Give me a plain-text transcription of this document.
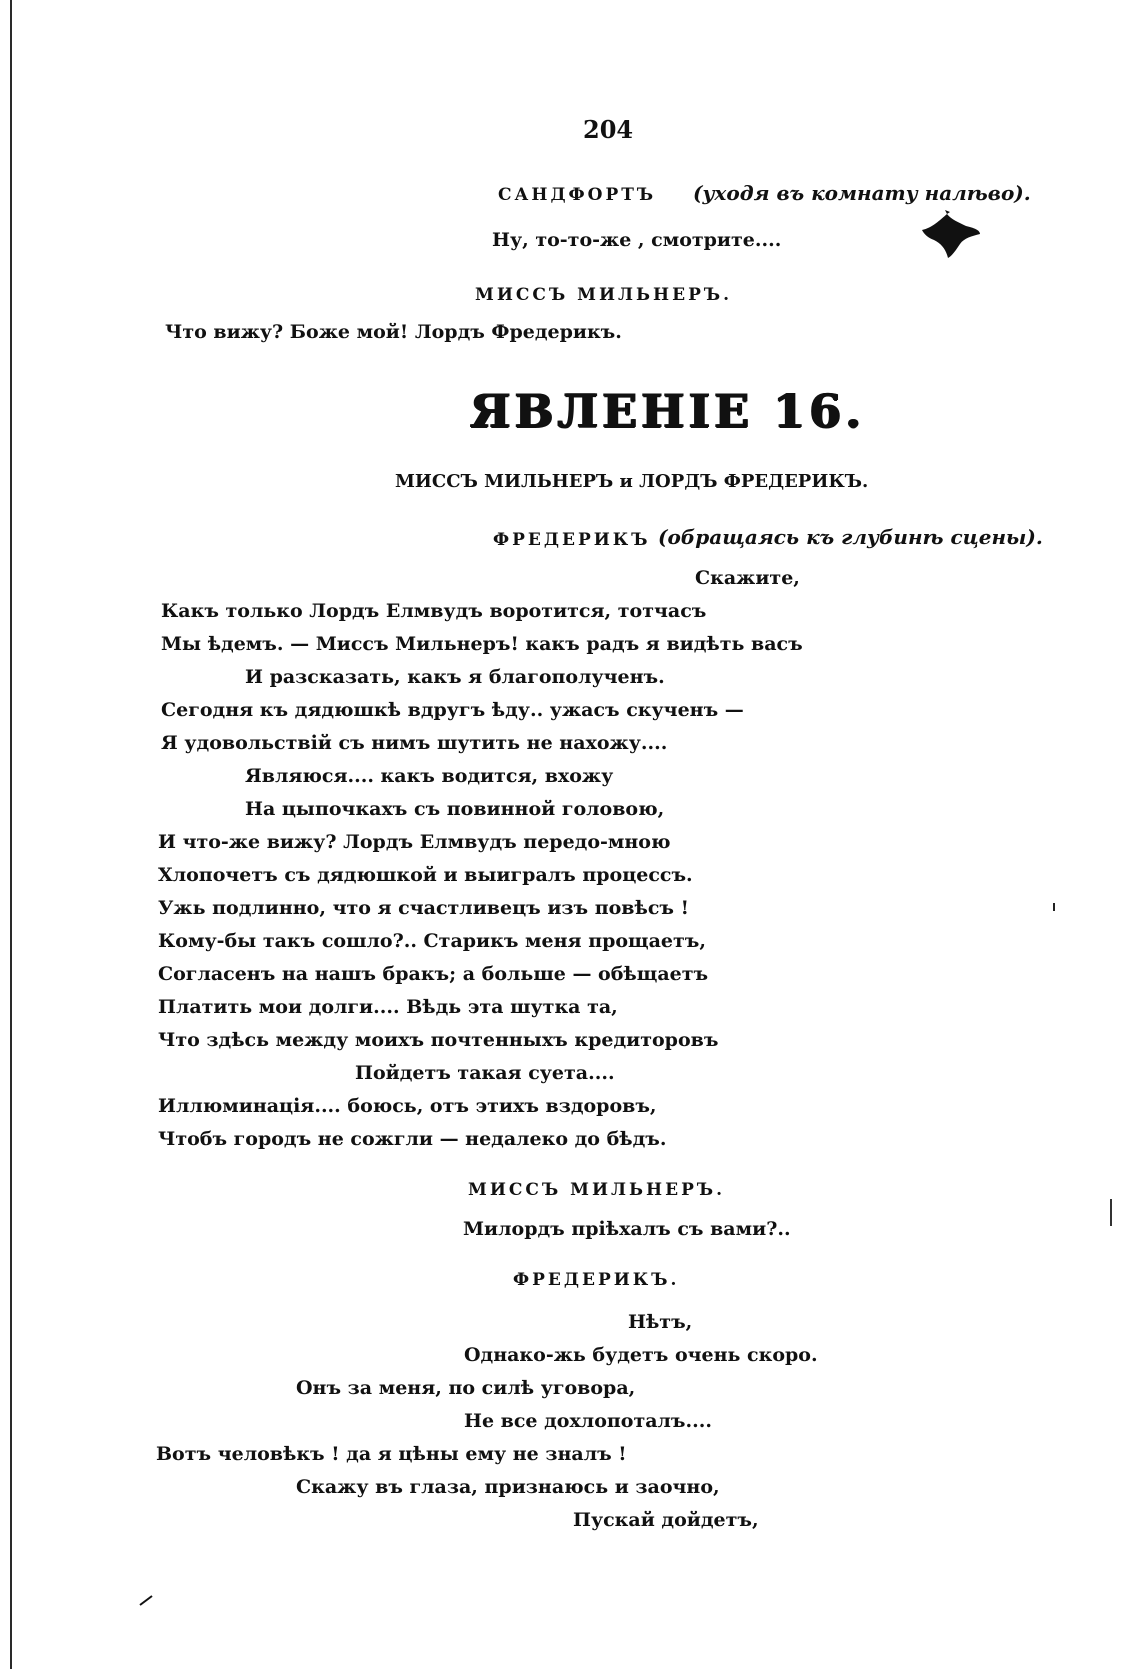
204
САНДФОРТЪ (уходя въ комнату налѣво).
Ну, то-то-же , смотрите....
МИССЪ МИЛЬНЕРЪ.
Что вижу? Боже мой! Лордъ Фредерикъ.
ЯВЛЕНІЕ 16.
МИССЪ МИЛЬНЕРЪ и ЛОРДЪ ФРЕДЕРИКЪ.
ФРЕДЕРИКЪ (обращаясь къ глубинѣ сцены).
Скажите,
Какъ только Лордъ Елмвудъ воротится, тотчасъ
Мы ѣдемъ. — Миссъ Мильнеръ! какъ радъ я видѣть васъ
И разсказать, какъ я благополученъ.
Сегодня къ дядюшкѣ вдругъ ѣду.. ужасъ скученъ —
Я удовольствій съ нимъ шутить не нахожу....
Являюся.... какъ водится, вхожу
На цыпочкахъ съ повинной головою,
И что-же вижу? Лордъ Елмвудъ передо-мною
Хлопочетъ съ дядюшкой и выигралъ процессъ.
Ужь подлинно, что я счастливецъ изъ повѣсъ !
Кому-бы такъ сошло?.. Старикъ меня прощаетъ,
Согласенъ на нашъ бракъ; а больше — обѣщаетъ
Платить мои долги.... Вѣдь эта шутка та,
Что здѣсь между моихъ почтенныхъ кредиторовъ
Пойдетъ такая суета....
Иллюминація.... боюсь, отъ этихъ вздоровъ,
Чтобъ городъ не сожгли — недалеко до бѣдъ.
МИССЪ МИЛЬНЕРЪ.
Милордъ пріѣхалъ съ вами?..
ФРЕДЕРИКЪ.
Нѣтъ,
Однако-жь будетъ очень скоро.
Онъ за меня, по силѣ уговора,
Не все дохлопоталъ....
Вотъ человѣкъ ! да я цѣны ему не зналъ !
Скажу въ глаза, признаюсь и заочно,
Пускай дойдетъ,
